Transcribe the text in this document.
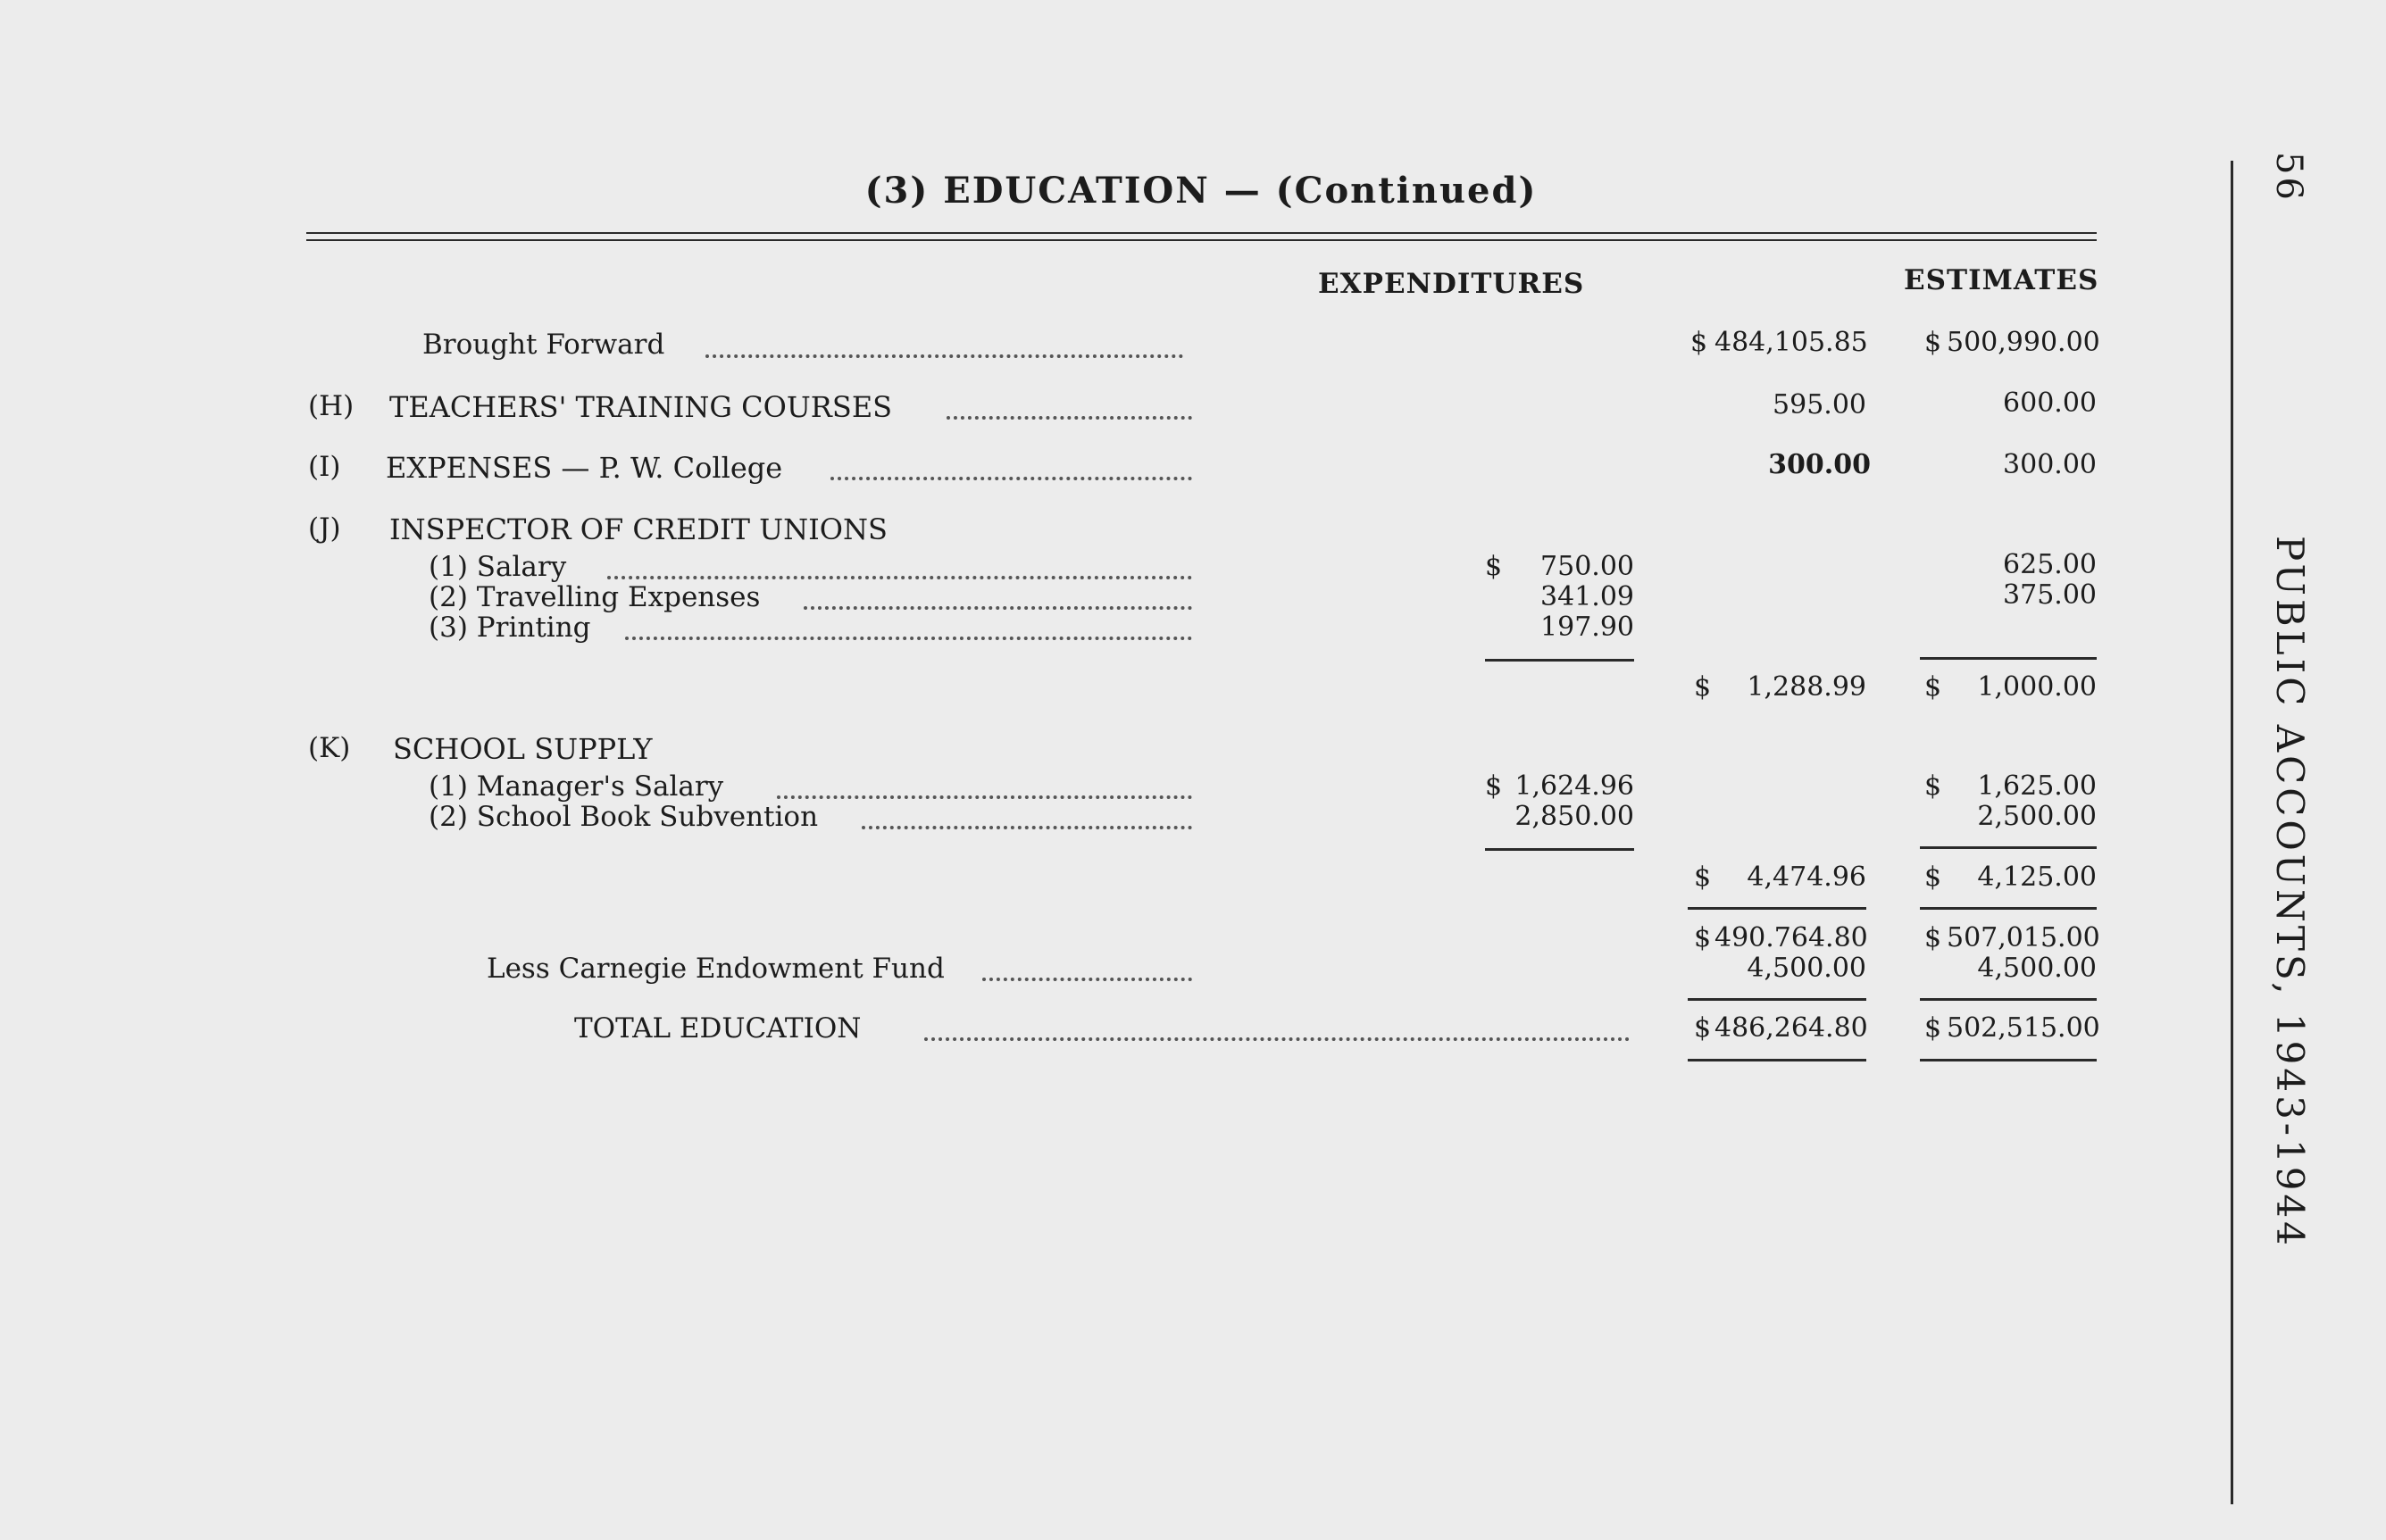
(3) EDUCATION — (Continued)
EXPENDITURES	ESTIMATES
Brought Forward	$ 484,105.85 $ 500,990.00
(H) TEACHERS' TRAINING COURSES	595.00	600.00
(I) EXPENSES — P. W. College	300.00	300.00
(J) INSPECTOR OF CREDIT UNIONS
(1) Salary	$	750.00	625.00
(2) Travelling Expenses	341.09	375.00
(3) Printing	197.90
$	1,288.99 $	1,000.00
(K) SCHOOL SUPPLY
(1) Manager's Salary	$ 1,624.96	$	1,625.00
(2) School Book Subvention	2,850.00	2,500.00
$	4,474.96 $	4,125.00
$ 490.764.80 $ 507,015.00
Less Carnegie Endowment Fund	4,500.00	4,500.00
TOTAL EDUCATION	$ 486,264.80 $ 502,515.00
56
PUBLIC ACCOUNTS, 1943-1944
